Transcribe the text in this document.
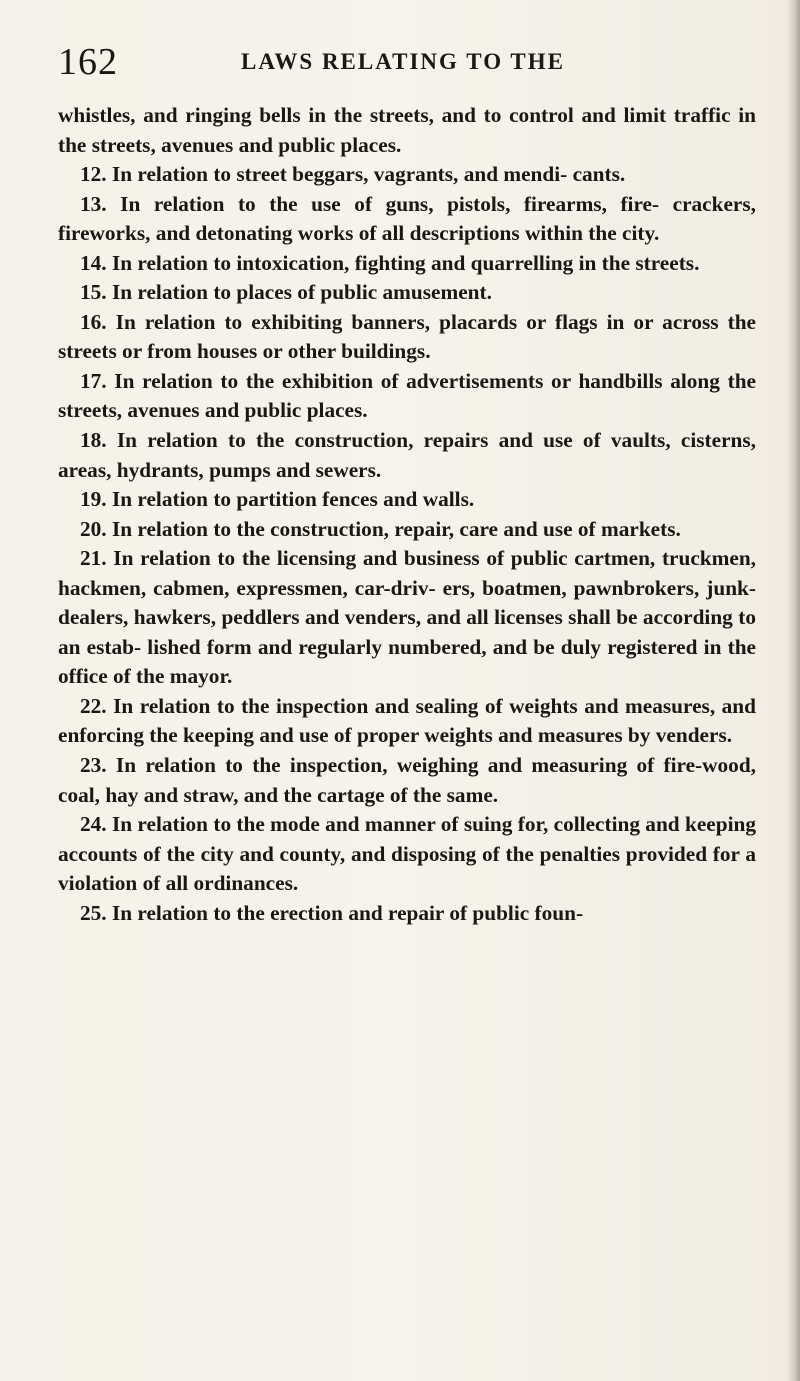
162	LAWS RELATING TO THE

whistles, and ringing bells in the streets, and to control and limit traffic in the streets, avenues and public places.

12. In relation to street beggars, vagrants, and mendi- cants.

13. In relation to the use of guns, pistols, firearms, fire- crackers, fireworks, and detonating works of all descriptions within the city.

14. In relation to intoxication, fighting and quarrelling in the streets.

15. In relation to places of public amusement.

16. In relation to exhibiting banners, placards or flags in or across the streets or from houses or other buildings.

17. In relation to the exhibition of advertisements or handbills along the streets, avenues and public places.

18. In relation to the construction, repairs and use of vaults, cisterns, areas, hydrants, pumps and sewers.

19. In relation to partition fences and walls.

20. In relation to the construction, repair, care and use of markets.

21. In relation to the licensing and business of public cartmen, truckmen, hackmen, cabmen, expressmen, car-driv- ers, boatmen, pawnbrokers, junk-dealers, hawkers, peddlers and venders, and all licenses shall be according to an estab- lished form and regularly numbered, and be duly registered in the office of the mayor.

22. In relation to the inspection and sealing of weights and measures, and enforcing the keeping and use of proper weights and measures by venders.

23. In relation to the inspection, weighing and measuring of fire-wood, coal, hay and straw, and the cartage of the same.

24. In relation to the mode and manner of suing for, collecting and keeping accounts of the city and county, and disposing of the penalties provided for a violation of all ordinances.

25. In relation to the erection and repair of public foun-
